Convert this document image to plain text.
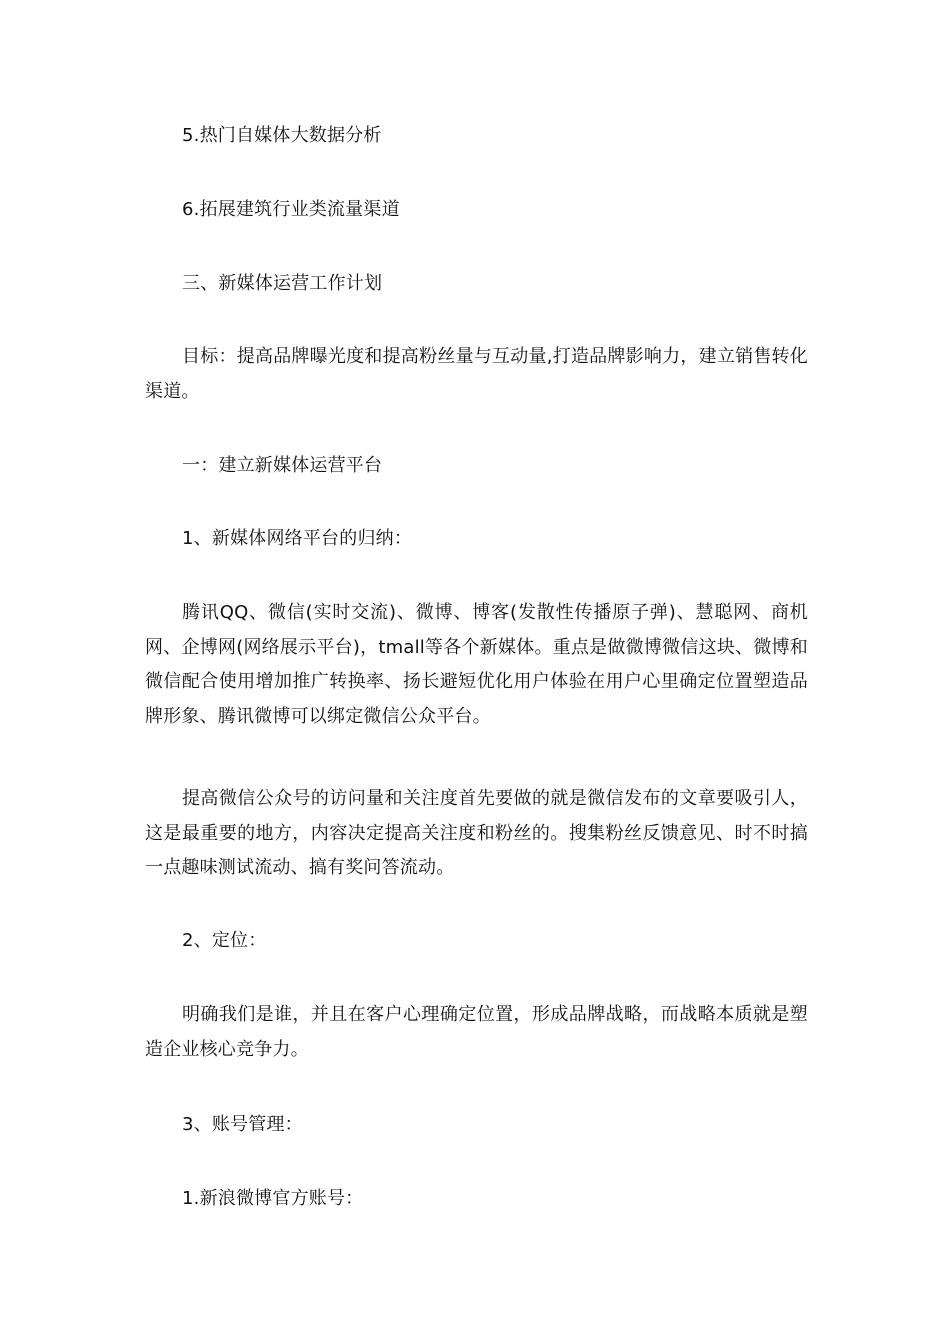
5.热门自媒体大数据分析

6.拓展建筑行业类流量渠道

三、新媒体运营工作计划

目标：提高品牌曝光度和提高粉丝量与互动量,打造品牌影响力，建立销售转化渠道。

一：建立新媒体运营平台

1、新媒体网络平台的归纳：

腾讯QQ、微信(实时交流)、微博、博客(发散性传播原子弹)、慧聪网、商机网、企博网(网络展示平台)，tmall等各个新媒体。重点是做微博微信这块、微博和微信配合使用增加推广转换率、扬长避短优化用户体验在用户心里确定位置塑造品牌形象、腾讯微博可以绑定微信公众平台。

提高微信公众号的访问量和关注度首先要做的就是微信发布的文章要吸引人，这是最重要的地方，内容决定提高关注度和粉丝的。搜集粉丝反馈意见、时不时搞一点趣味测试流动、搞有奖问答流动。

2、定位：

明确我们是谁，并且在客户心理确定位置，形成品牌战略，而战略本质就是塑造企业核心竞争力。

3、账号管理：

1.新浪微博官方账号：
